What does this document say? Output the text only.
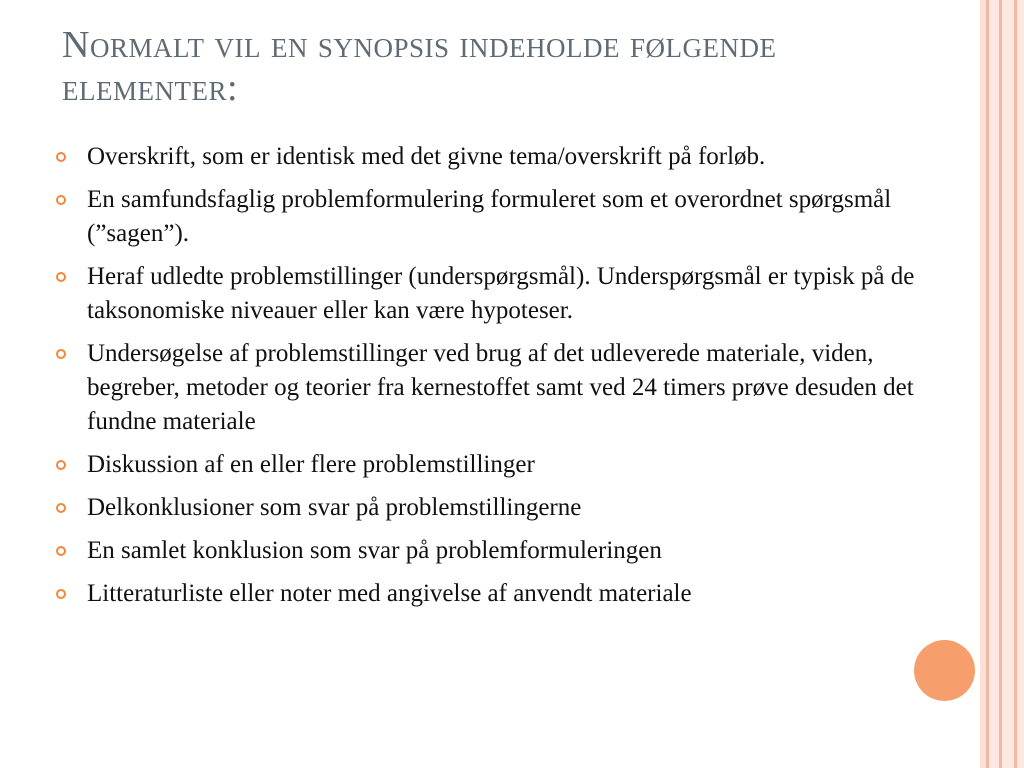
Normalt vil en synopsis indeholde følgende elementer:
Overskrift, som er identisk med det givne tema/overskrift på forløb.
En samfundsfaglig problemformulering formuleret som et overordnet spørgsmål (”sagen”).
Heraf udledte problemstillinger (underspørgsmål). Underspørgsmål er typisk på de taksonomiske niveauer eller kan være hypoteser.
Undersøgelse af problemstillinger ved brug af det udleverede materiale, viden, begreber, metoder og teorier fra kernestoffet samt ved 24 timers prøve desuden det fundne materiale
Diskussion af en eller flere problemstillinger
Delkonklusioner som svar på problemstillingerne
En samlet konklusion som svar på problemformuleringen
Litteraturliste eller noter med angivelse af anvendt materiale
